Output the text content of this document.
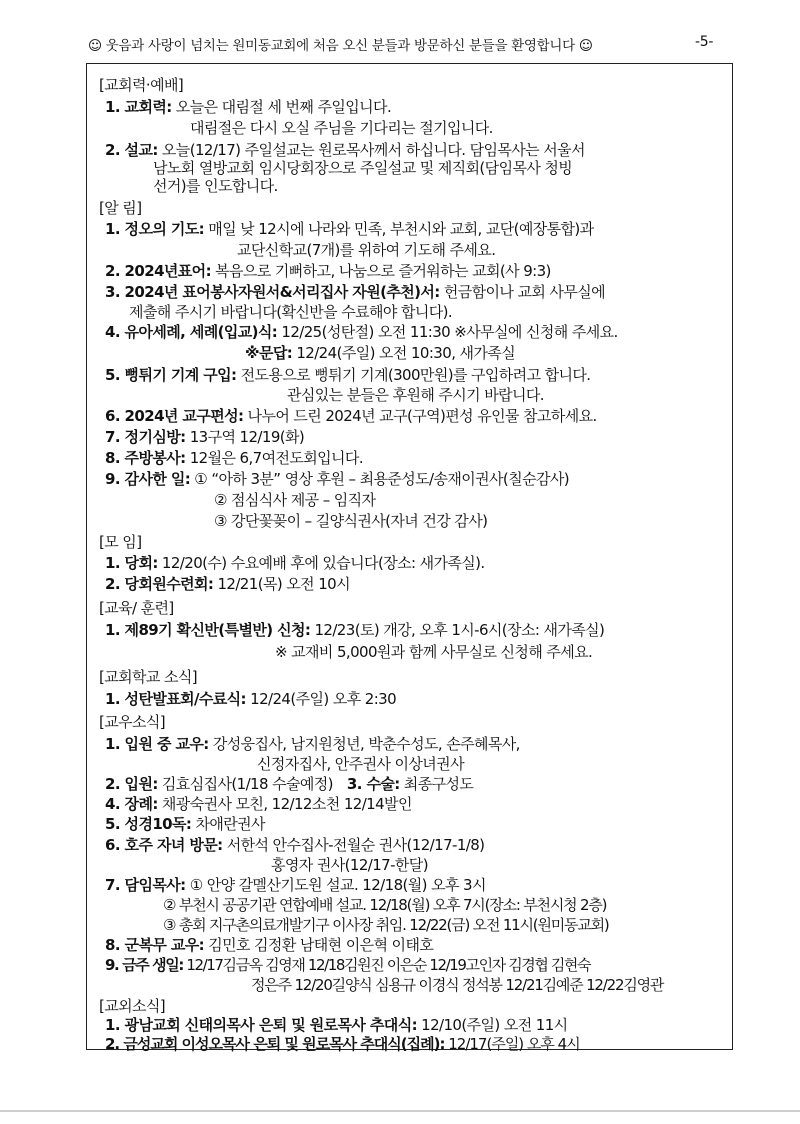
☺ 웃음과 사랑이 넘치는 원미동교회에 처음 오신 분들과 방문하신 분들을 환영합니다 ☺	-5-
[교회력·예배]
1. 교회력: 오늘은 대림절 세 번째 주일입니다.
대림절은 다시 오실 주님을 기다리는 절기입니다.
2. 설교: 오늘(12/17) 주일설교는 원로목사께서 하십니다. 담임목사는 서울서
남노회 열방교회 임시당회장으로 주일설교 및 제직회(담임목사 청빙
선거)를 인도합니다.
[알 림]
1. 정오의 기도: 매일 낮 12시에 나라와 민족, 부천시와 교회, 교단(예장통합)과
교단신학교(7개)를 위하여 기도해 주세요.
2. 2024년표어: 복음으로 기뻐하고, 나눔으로 즐거워하는 교회(사 9:3)
3. 2024년 표어봉사자원서&서리집사 자원(추천)서: 헌금함이나 교회 사무실에
제출해 주시기 바랍니다(확신반을 수료해야 합니다).
4. 유아세례, 세례(입교)식: 12/25(성탄절) 오전 11:30 ※사무실에 신청해 주세요.
※문답: 12/24(주일) 오전 10:30, 새가족실
5. 뻥튀기 기계 구입: 전도용으로 뻥튀기 기계(300만원)를 구입하려고 합니다.
관심있는 분들은 후원해 주시기 바랍니다.
6. 2024년 교구편성: 나누어 드린 2024년 교구(구역)편성 유인물 참고하세요.
7. 정기심방: 13구역 12/19(화)
8. 주방봉사: 12월은 6,7여전도회입니다.
9. 감사한 일: ① “아하 3분” 영상 후원 – 최용준성도/송재이권사(칠순감사)
② 점심식사 제공 – 임직자
③ 강단꽃꽂이 – 길양식권사(자녀 건강 감사)
[모 임]
1. 당회: 12/20(수) 수요예배 후에 있습니다(장소: 새가족실).
2. 당회원수련회: 12/21(목) 오전 10시
[교육/ 훈련]
1. 제89기 확신반(특별반) 신청: 12/23(토) 개강, 오후 1시-6시(장소: 새가족실)
※ 교재비 5,000원과 함께 사무실로 신청해 주세요.
[교회학교 소식]
1. 성탄발표회/수료식: 12/24(주일) 오후 2:30
[교우소식]
1. 입원 중 교우: 강성웅집사, 남지원청년, 박춘수성도, 손주혜목사,
신정자집사, 안주권사 이상녀권사
2. 입원: 김효심집사(1/18 수술예정) 3. 수술: 최종구성도
4. 장례: 채광숙권사 모친, 12/12소천 12/14발인
5. 성경10독: 차애란권사
6. 호주 자녀 방문: 서한석 안수집사-전월순 권사(12/17-1/8)
홍영자 권사(12/17-한달)
7. 담임목사: ① 안양 갈멜산기도원 설교. 12/18(월) 오후 3시
② 부천시 공공기관 연합예배 설교. 12/18(월) 오후 7시(장소: 부천시청 2층)
③ 총회 지구촌의료개발기구 이사장 취임. 12/22(금) 오전 11시(원미동교회)
8. 군복무 교우: 김민호 김정환 남태현 이은혁 이태호
9. 금주 생일: 12/17김금옥 김영재 12/18김원진 이은순 12/19고인자 김경협 김현숙
정은주 12/20길양식 심용규 이경식 정석봉 12/21김예준 12/22김영관
[교외소식]
1. 광남교회 신태의목사 은퇴 및 원로목사 추대식: 12/10(주일) 오전 11시
2. 금성교회 이성오목사 은퇴 및 원로목사 추대식(집례): 12/17(주일) 오후 4시
